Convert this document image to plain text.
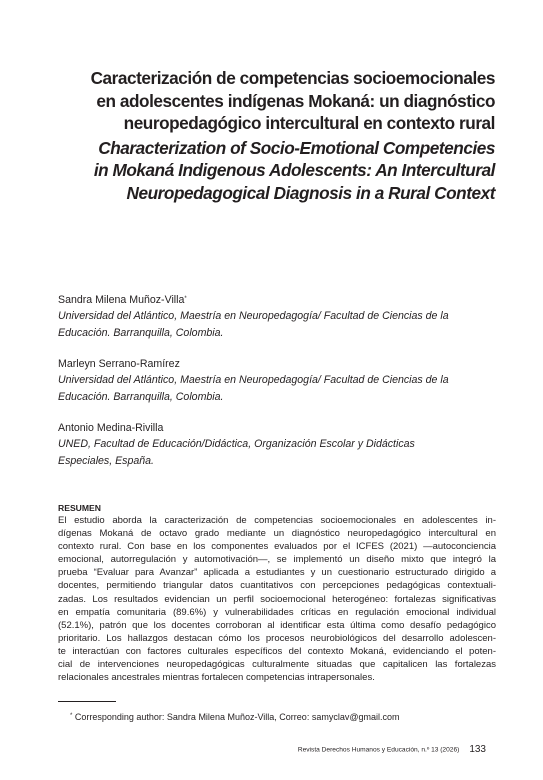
Caracterización de competencias socioemocionales
en adolescentes indígenas Mokaná: un diagnóstico
neuropedagógico intercultural en contexto rural
Characterization of Socio-Emotional Competencies
in Mokaná Indigenous Adolescents: An Intercultural
Neuropedagogical Diagnosis in a Rural Context
Sandra Milena Muñoz-Villa*
Universidad del Atlántico, Maestría en Neuropedagogía/ Facultad de Ciencias de la
Educación. Barranquilla, Colombia.
Marleyn Serrano-Ramírez
Universidad del Atlántico, Maestría en Neuropedagogía/ Facultad de Ciencias de la
Educación. Barranquilla, Colombia.
Antonio Medina-Rivilla
UNED, Facultad de Educación/Didáctica, Organización Escolar y Didácticas
Especiales, España.
RESUMEN

El estudio aborda la caracterización de competencias socioemocionales en adolescentes in-
dígenas Mokaná de octavo grado mediante un diagnóstico neuropedagógico intercultural en
contexto rural. Con base en los componentes evaluados por el ICFES (2021) —autoconciencia
emocional, autorregulación y automotivación—, se implementó un diseño mixto que integró la
prueba “Evaluar para Avanzar” aplicada a estudiantes y un cuestionario estructurado dirigido a
docentes, permitiendo triangular datos cuantitativos con percepciones pedagógicas contextuali-
zadas. Los resultados evidencian un perfil socioemocional heterogéneo: fortalezas significativas
en empatía comunitaria (89.6%) y vulnerabilidades críticas en regulación emocional individual
(52.1%), patrón que los docentes corroboran al identificar esta última como desafío pedagógico
prioritario. Los hallazgos destacan cómo los procesos neurobiológicos del desarrollo adolescen-
te interactúan con factores culturales específicos del contexto Mokaná, evidenciando el poten-
cial de intervenciones neuropedagógicas culturalmente situadas que capitalicen las fortalezas
relacionales ancestrales mientras fortalecen competencias intrapersonales.

* Corresponding author: Sandra Milena Muñoz-Villa, Correo: samyclav@gmail.com
Revista Derechos Humanos y Educación, n.º 13 (2026) 133
